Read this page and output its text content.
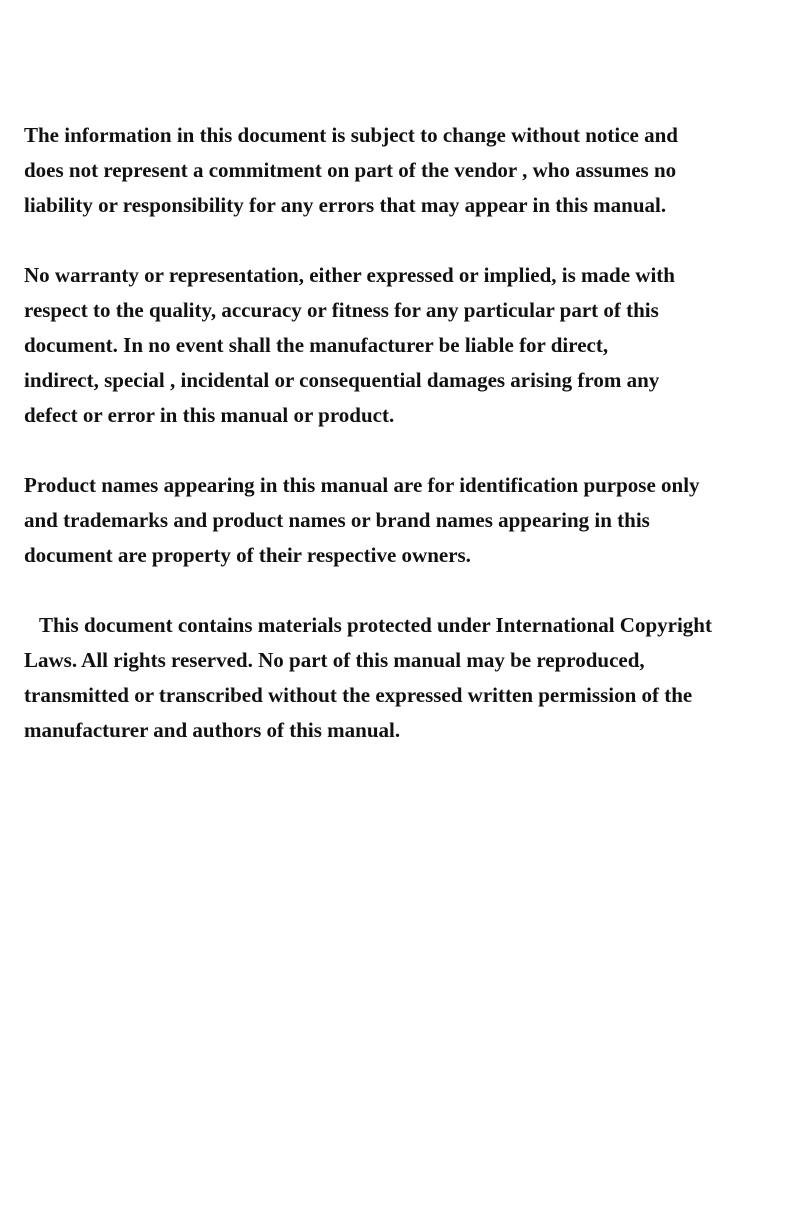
The information in this document is subject to change without notice and
does not represent a commitment on part of the vendor , who assumes no
liability or responsibility for any errors that may appear in this manual.

No warranty or representation, either expressed or implied, is made with
respect to the quality, accuracy or fitness for any particular part of this
document. In no event shall the manufacturer be liable for direct,
indirect, special , incidental or consequential damages arising from any
defect or error in this manual or product.

Product names appearing in this manual are for identification purpose only
and trademarks and product names or brand names appearing in this
document are property of their respective owners.

This document contains materials protected under International Copyright
Laws. All rights reserved. No part of this manual may be reproduced,
transmitted or transcribed without the expressed written permission of the
manufacturer and authors of this manual.
